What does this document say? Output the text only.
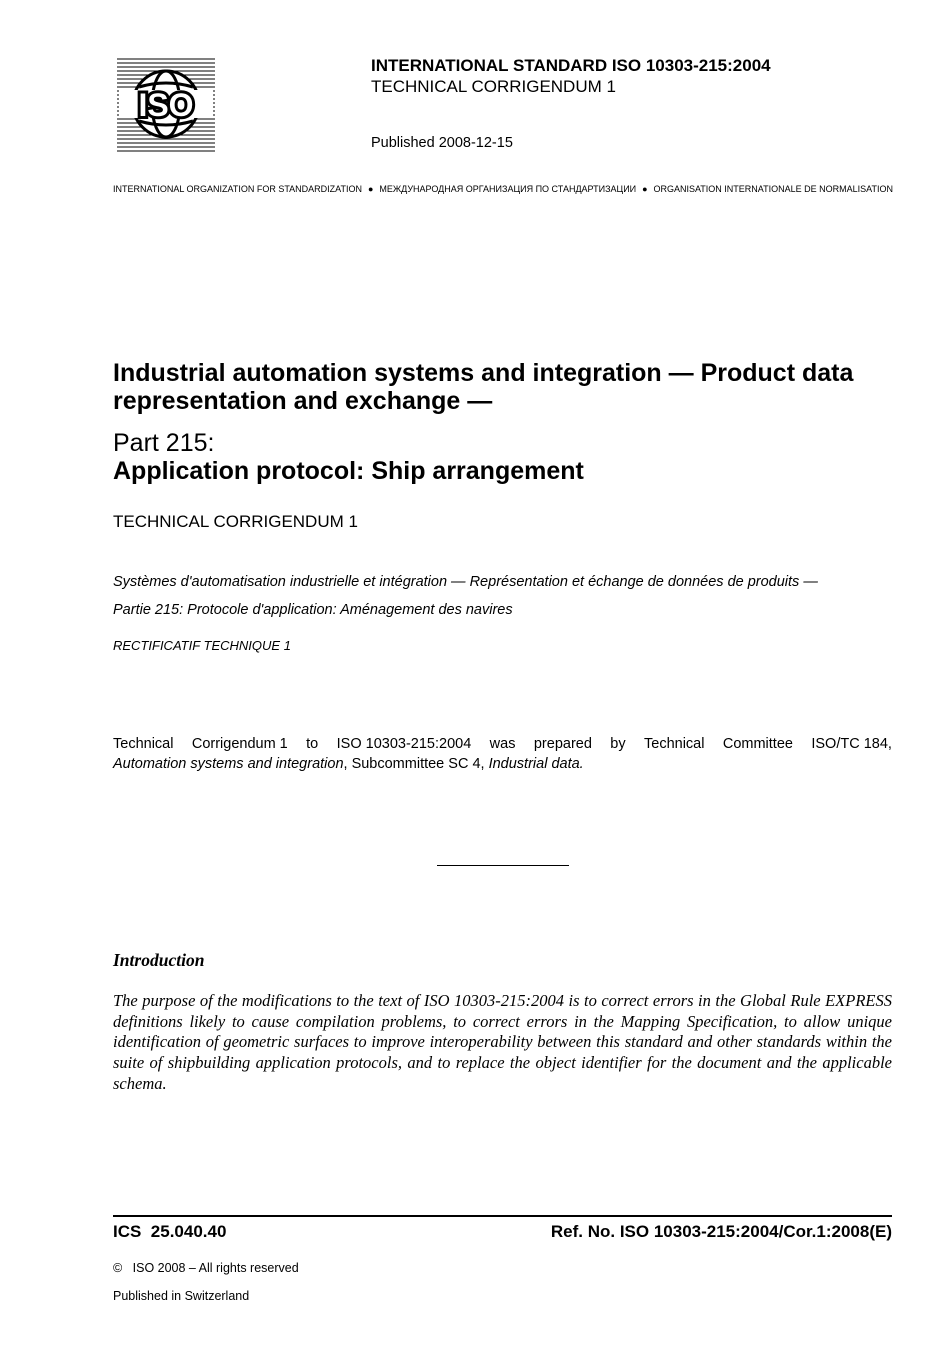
ISO
INTERNATIONAL STANDARD ISO 10303-215:2004
TECHNICAL CORRIGENDUM 1
Published 2008-12-15
INTERNATIONAL ORGANIZATION FOR STANDARDIZATION ● МЕЖДУНАРОДНАЯ ОРГАНИЗАЦИЯ ПО СТАНДАРТИЗАЦИИ ● ORGANISATION INTERNATIONALE DE NORMALISATION
Industrial automation systems and integration — Product data representation and exchange —
Part 215:
Application protocol: Ship arrangement
TECHNICAL CORRIGENDUM 1
Systèmes d'automatisation industrielle et intégration — Représentation et échange de données de produits —
Partie 215: Protocole d'application: Aménagement des navires
RECTIFICATIF TECHNIQUE 1
Technical Corrigendum 1 to ISO 10303-215:2004 was prepared by Technical Committee ISO/TC 184,
Automation systems and integration, Subcommittee SC 4, Industrial data.
Introduction
The purpose of the modifications to the text of ISO 10303-215:2004 is to correct errors in the Global Rule EXPRESS definitions likely to cause compilation problems, to correct errors in the Mapping Specification, to allow unique identification of geometric surfaces to improve interoperability between this standard and other standards within the suite of shipbuilding application protocols, and to replace the object identifier for the document and the applicable schema.
ICS  25.040.40	Ref. No. ISO 10303-215:2004/Cor.1:2008(E)
©   ISO 2008 – All rights reserved
Published in Switzerland
